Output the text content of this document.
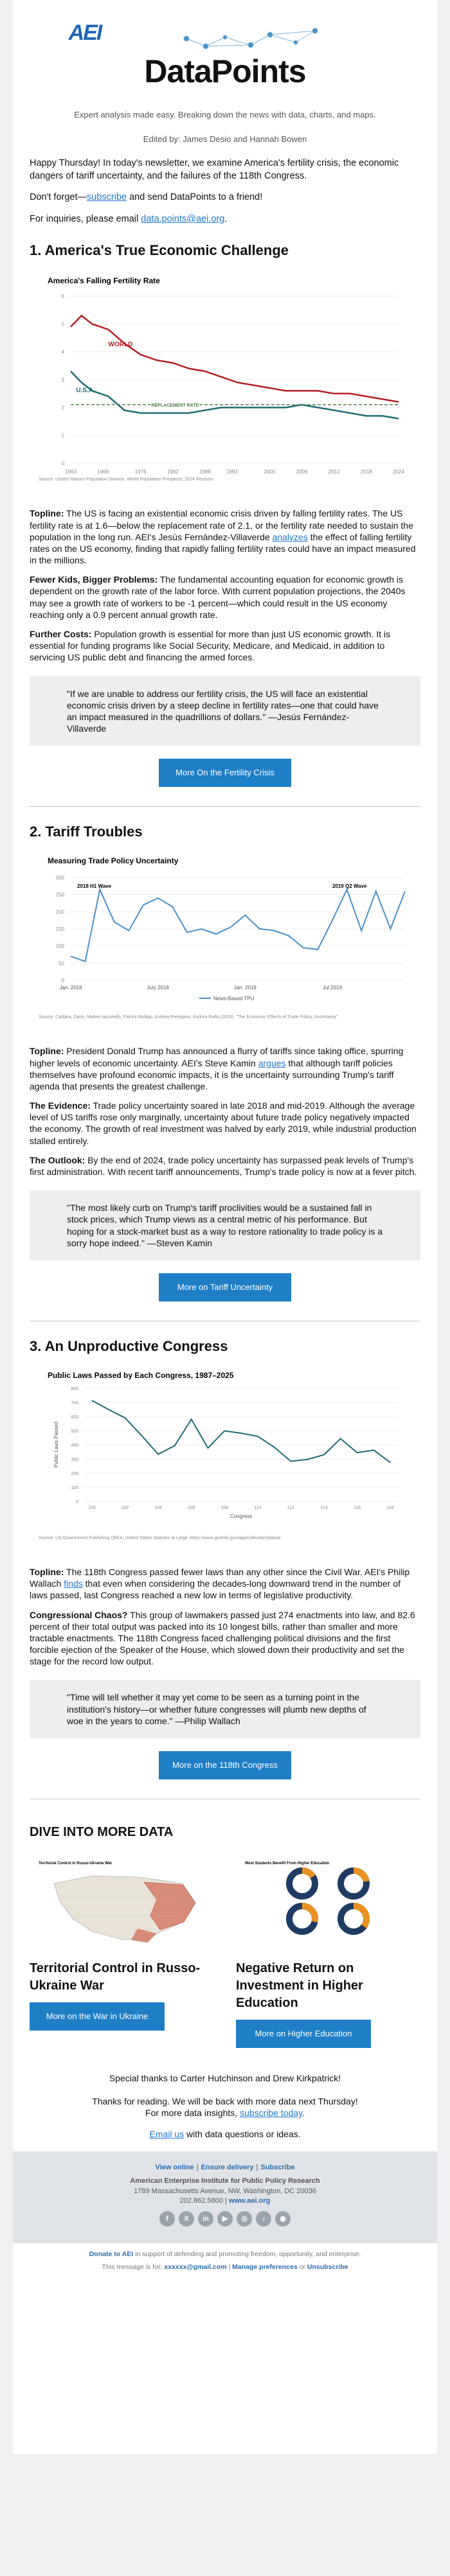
AEI
DataPoints
Expert analysis made easy. Breaking down the news with data, charts, and maps.
Edited by: James Desio and Hannah Bowen

Happy Thursday! In today's newsletter, we examine America's fertility crisis, the economic dangers of tariff uncertainty, and the failures of the 118th Congress.

Don't forget—subscribe and send DataPoints to a friend!

For inquiries, please email data.points@aei.org.

1. America's True Economic Challenge
America's Falling Fertility Rate
0
1
2
3
4
5
6
1963	1969	1976	1982	1988	1993	2000	2006	2012	2018	2024
WORLD
U.S.A.
REPLACEMENT RATE
Source: United Nations Population Division, World Population Prospects: 2024 Revision

Topline: The US is facing an existential economic crisis driven by falling fertility rates. The US fertility rate is at 1.6—below the replacement rate of 2.1, or the fertility rate needed to sustain the population in the long run. AEI's Jesús Fernández-Villaverde analyzes the effect of falling fertility rates on the US economy, finding that rapidly falling fertility rates could have an impact measured in the millions.

Fewer Kids, Bigger Problems: The fundamental accounting equation for economic growth is dependent on the growth rate of the labor force. With current population projections, the 2040s may see a growth rate of workers to be -1 percent—which could result in the US economy reaching only a 0.9 percent annual growth rate.

Further Costs: Population growth is essential for more than just US economic growth. It is essential for funding programs like Social Security, Medicare, and Medicaid, in addition to servicing US public debt and financing the armed forces.

"If we are unable to address our fertility crisis, the US will face an existential economic crisis driven by a steep decline in fertility rates—one that could have an impact measured in the quadrillions of dollars." —Jesús Fernández-Villaverde
More On the Fertility Crisis
2. Tariff Troubles
Measuring Trade Policy Uncertainty
0
50
100
150
200
250
300
Jan. 2018	July 2018	Jan. 2019	Jul 2019
2018 H1 Wave	2019 Q2 Wave
News-Based TPU
Source: Caldara, Dario, Matteo Iacoviello, Patrick Molligo, Andrea Prestipino, Andrea Raffo (2019). "The Economic Effects of Trade Policy Uncertainty"

Topline: President Donald Trump has announced a flurry of tariffs since taking office, spurring higher levels of economic uncertainty. AEI's Steve Kamin argues that although tariff policies themselves have profound economic impacts, it is the uncertainty surrounding Trump's tariff agenda that presents the greatest challenge.

The Evidence: Trade policy uncertainty soared in late 2018 and mid-2019. Although the average level of US tariffs rose only marginally, uncertainty about future trade policy negatively impacted the economy. The growth of real investment was halved by early 2019, while industrial production stalled entirely.

The Outlook: By the end of 2024, trade policy uncertainty has surpassed peak levels of Trump's first administration. With recent tariff announcements, Trump's trade policy is now at a fever pitch.

"The most likely curb on Trump's tariff proclivities would be a sustained fall in stock prices, which Trump views as a central metric of his performance. But hoping for a stock-market bust as a way to restore rationality to trade policy is a sorry hope indeed." —Steven Kamin
More on Tariff Uncertainty
3. An Unproductive Congress
Public Laws Passed by Each Congress, 1987–2025
0
100
200
300
400
500
600
700
800
100	102	104	106	108	110	112	114	116	118
Congress
Public Laws Passed
Source: US Government Publishing Office, United States Statutes at Large, https://www.govinfo.gov/app/collection/statute

Topline: The 118th Congress passed fewer laws than any other since the Civil War. AEI's Philip Wallach finds that even when considering the decades-long downward trend in the number of laws passed, last Congress reached a new low in terms of legislative productivity.

Congressional Chaos? This group of lawmakers passed just 274 enactments into law, and 82.6 percent of their total output was packed into its 10 longest bills, rather than smaller and more tractable enactments. The 118th Congress faced challenging political divisions and the first forcible ejection of the Speaker of the House, which slowed down their productivity and set the stage for the record low output.

"Time will tell whether it may yet come to be seen as a turning point in the institution's history—or whether future congresses will plumb new depths of woe in the years to come." —Philip Wallach
More on the 118th Congress
DIVE INTO MORE DATA
Territorial Control in Russo-Ukraine War
Territorial Control in Russo-Ukraine War
More on the War in Ukraine
Most Students Benefit From Higher Education
Negative Return on Investment in Higher Education
More on Higher Education Investment
Special thanks to Carter Hutchinson and Drew Kirkpatrick!
Thanks for reading. We will be back with more data next Thursday!
For more data insights, subscribe today.
Email us with data questions or ideas.
View online | Ensure delivery | Subscribe
American Enterprise Institute for Public Policy Research
1789 Massachusetts Avenue, NW, Washington, DC 20036
202.862.5800 | www.aei.org
f	X	in	▶	◎	♪	◉
Donate to AEI in support of defending and promoting freedom, opportunity, and enterprise.
This message is for: xxxxxx@gmail.com | Manage preferences or Unsubscribe
